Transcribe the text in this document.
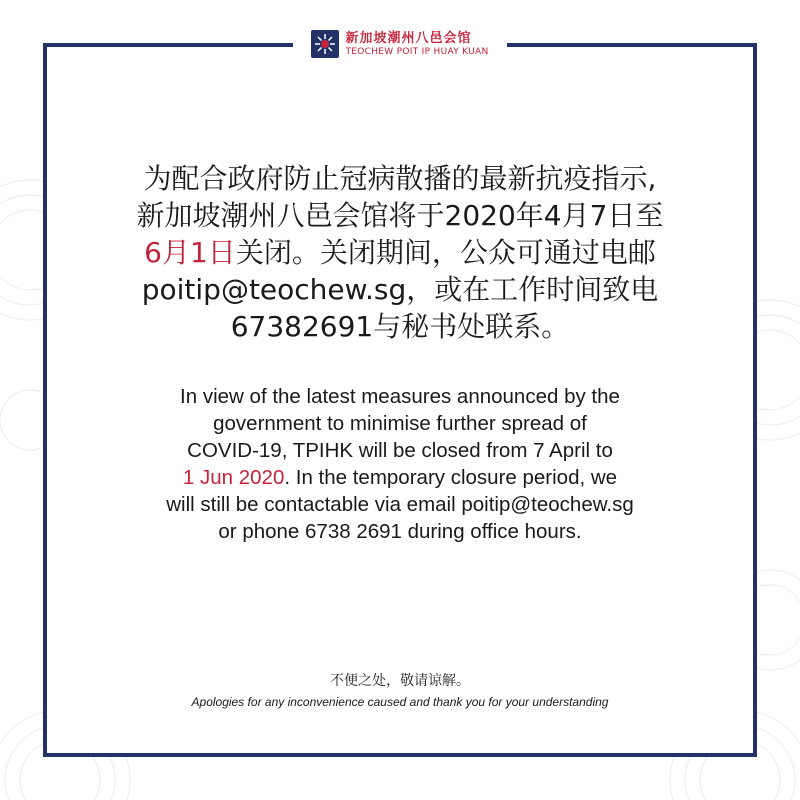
新加坡潮州八邑会馆
TEOCHEW POIT IP HUAY KUAN
为配合政府防止冠病散播的最新抗疫指示,
新加坡潮州八邑会馆将于2020年4月7日至
6月1日关闭。关闭期间，公众可通过电邮
poitip@teochew.sg，或在工作时间致电
67382691与秘书处联系。
In view of the latest measures announced by the
government to minimise further spread of
COVID-19, TPIHK will be closed from 7 April to
1 Jun 2020. In the temporary closure period, we
will still be contactable via email poitip@teochew.sg
or phone 6738 2691 during office hours.
不便之处，敬请谅解。
Apologies for any inconvenience caused and thank you for your understanding
